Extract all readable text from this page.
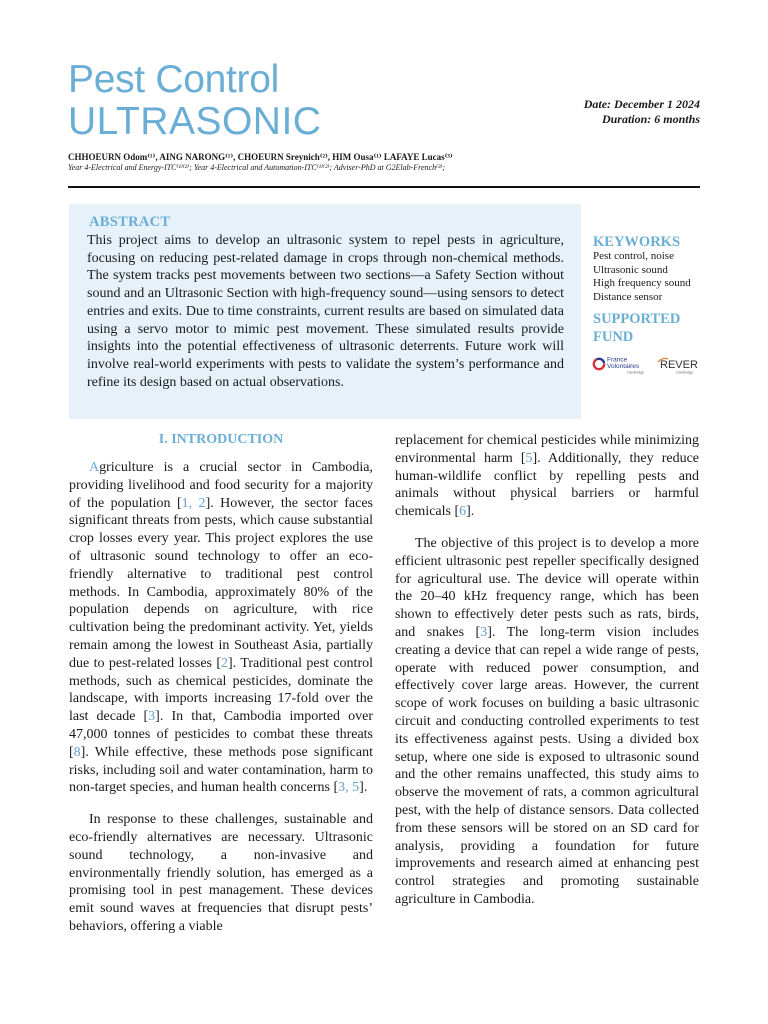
Pest Control
ULTRASONIC	Date: December 1 2024
Duration: 6 months
CHHOEURN Odom⁽¹⁾, AING NARONG⁽¹⁾, CHOEURN Sreynich⁽²⁾, HIM Ousa⁽¹⁾ LAFAYE Lucas⁽³⁾
Year 4-Electrical and Energy-ITC⁽¹⁾⁽²⁾; Year 4-Electrical and Automation-ITC⁽¹⁾⁽²⁾; Adviser-PhD at G2Elab-French⁽³⁾;
ABSTRACT

This project aims to develop an ultrasonic system to repel pests in agriculture, focusing on reducing pest-related damage in crops through non-chemical methods. The system tracks pest movements between two sections—a Safety Section without sound and an Ultrasonic Section with high-frequency sound—using sensors to detect entries and exits. Due to time constraints, current results are based on simulated data using a servo motor to mimic pest movement. These simulated results provide insights into the potential effectiveness of ultrasonic deterrents. Future work will involve real-world experiments with pests to validate the system’s performance and refine its design based on actual observations.

KEYWORKS
Pest control, noise
Ultrasonic sound
High frequency sound
Distance sensor
SUPPORTED FUND
France
Volontaires
Cambodge
REVER
Cambodge
I. INTRODUCTION

Agriculture is a crucial sector in Cambodia, providing livelihood and food security for a majority of the population [1, 2]. However, the sector faces significant threats from pests, which cause substantial crop losses every year. This project explores the use of ultrasonic sound technology to offer an eco-friendly alternative to traditional pest control methods. In Cambodia, approximately 80% of the population depends on agriculture, with rice cultivation being the predominant activity. Yet, yields remain among the lowest in Southeast Asia, partially due to pest-related losses [2]. Traditional pest control methods, such as chemical pesticides, dominate the landscape, with imports increasing 17-fold over the last decade [3]. In that, Cambodia imported over 47,000 tonnes of pesticides to combat these threats [8]. While effective, these methods pose significant risks, including soil and water contamination, harm to non-target species, and human health concerns [3, 5].

In response to these challenges, sustainable and eco-friendly alternatives are necessary. Ultrasonic sound technology, a non-invasive and environmentally friendly solution, has emerged as a promising tool in pest management. These devices emit sound waves at frequencies that disrupt pests’ behaviors, offering a viable

replacement for chemical pesticides while minimizing environmental harm [5]. Additionally, they reduce human-wildlife conflict by repelling pests and animals without physical barriers or harmful chemicals [6].

The objective of this project is to develop a more efficient ultrasonic pest repeller specifically designed for agricultural use. The device will operate within the 20–40 kHz frequency range, which has been shown to effectively deter pests such as rats, birds, and snakes [3]. The long-term vision includes creating a device that can repel a wide range of pests, operate with reduced power consumption, and effectively cover large areas. However, the current scope of work focuses on building a basic ultrasonic circuit and conducting controlled experiments to test its effectiveness against pests. Using a divided box setup, where one side is exposed to ultrasonic sound and the other remains unaffected, this study aims to observe the movement of rats, a common agricultural pest, with the help of distance sensors. Data collected from these sensors will be stored on an SD card for analysis, providing a foundation for future improvements and research aimed at enhancing pest control strategies and promoting sustainable agriculture in Cambodia.
